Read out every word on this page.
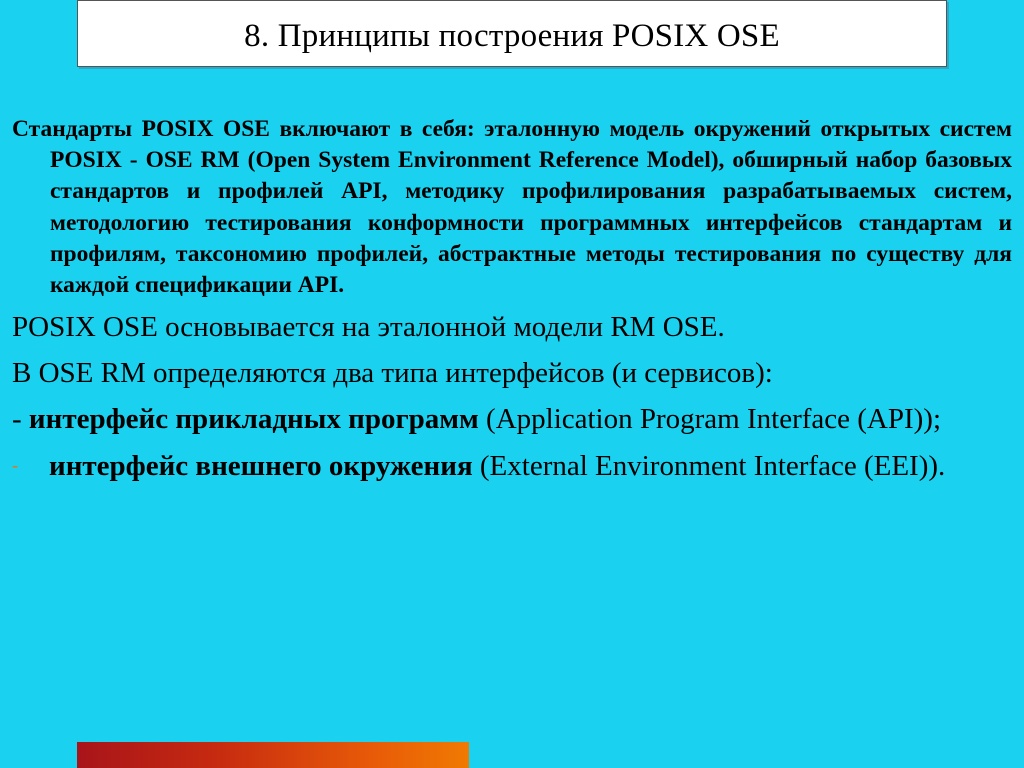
8. Принципы построения POSIX OSE

Стандарты POSIX OSE включают в себя: эталонную модель окружений открытых систем POSIX - OSE RM (Open System Environment Reference Model), обширный набор базовых стандартов и профилей API, методику профилирования разрабатываемых систем, методологию тестирования конформности программных интерфейсов стандартам и профилям, таксономию профилей, абстрактные методы тестирования по существу для каждой спецификации API.

POSIX OSE основывается на эталонной модели RM OSE.

В OSE RM определяются два типа интерфейсов (и сервисов):

- интерфейс прикладных программ (Application Program Interface (API));

- интерфейс внешнего окружения (External Environment Interface (EEI)).
